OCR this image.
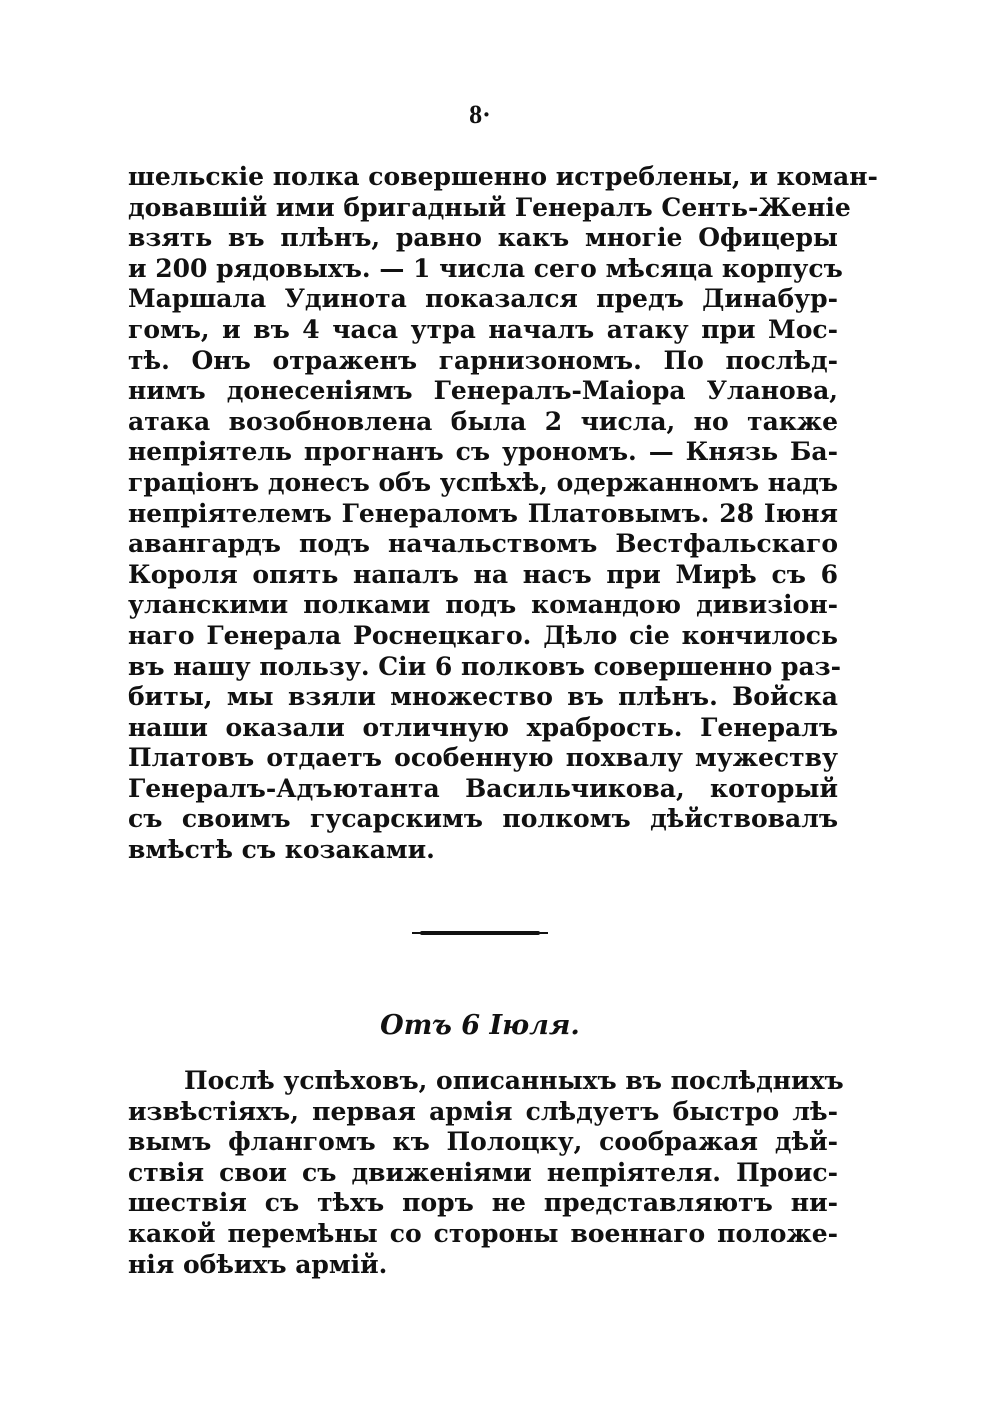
8·
шельскіе полка совершенно истреблены, и коман-
довавшій ими бригадный Генералъ Сенть-Женіе
взять въ плѣнъ, равно какъ многіе Офицеры
и 200 рядовыхъ. — 1 числа сего мѣсяца корпусъ
Маршала Удинота показался предъ Динабур-
гомъ, и въ 4 часа утра началъ атаку при Мос-
тѣ. Онъ отраженъ гарнизономъ. По послѣд-
нимъ донесеніямъ Генералъ-Маіора Уланова,
атака возобновлена была 2 числа, но также
непріятель прогнанъ съ урономъ. — Князь Ба-
граціонъ донесъ объ успѣхѣ, одержанномъ надъ
непріятелемъ Генераломъ Платовымъ. 28 Іюня
авангардъ подъ начальствомъ Вестфальскаго
Короля опять напалъ на насъ при Мирѣ съ 6
уланскими полками подъ командою дивизіон-
наго Генерала Роснецкаго. Дѣло сіе кончилось
въ нашу пользу. Сіи 6 полковъ совершенно раз-
биты, мы взяли множество въ плѣнъ. Войска
наши оказали отличную храбрость. Генералъ
Платовъ отдаетъ особенную похвалу мужеству
Генералъ-Адъютанта Васильчикова, который
съ своимъ гусарскимъ полкомъ дѣйствовалъ
вмѣстѣ съ козаками.
Отъ 6 Іюля.
Послѣ успѣховъ, описанныхъ въ послѣднихъ
извѣстіяхъ, первая армія слѣдуетъ быстро лѣ-
вымъ флангомъ къ Полоцку, соображая дѣй-
ствія свои съ движеніями непріятеля. Проис-
шествія съ тѣхъ поръ не представляютъ ни-
какой перемѣны со стороны военнаго положе-
нія обѣихъ армій.
